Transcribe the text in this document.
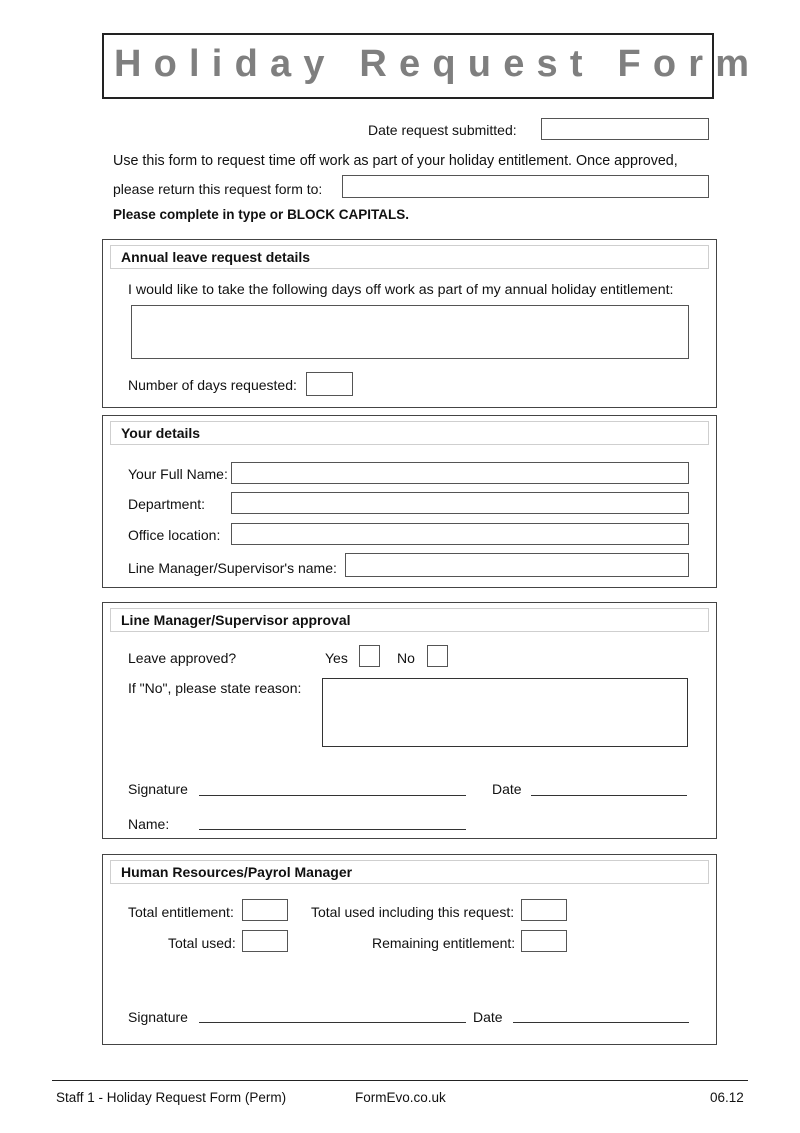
Holiday Request Form
Date request submitted:
Use this form to request time off work as part of your holiday entitlement. Once approved,
please return this request form to:
Please complete in type or BLOCK CAPITALS.
Annual leave request details
I would like to take the following days off work as part of my annual holiday entitlement:
Number of days requested:
Your details
Your Full Name:
Department:
Office location:
Line Manager/Supervisor's name:
Line Manager/Supervisor approval
Leave approved?	Yes	No
If "No", please state reason:
Signature	Date
Name:
Human Resources/Payrol Manager
Total entitlement:	Total used including this request:
Total used:	Remaining entitlement:
Signature	Date
Staff 1 - Holiday Request Form (Perm)	FormEvo.co.uk	06.12
